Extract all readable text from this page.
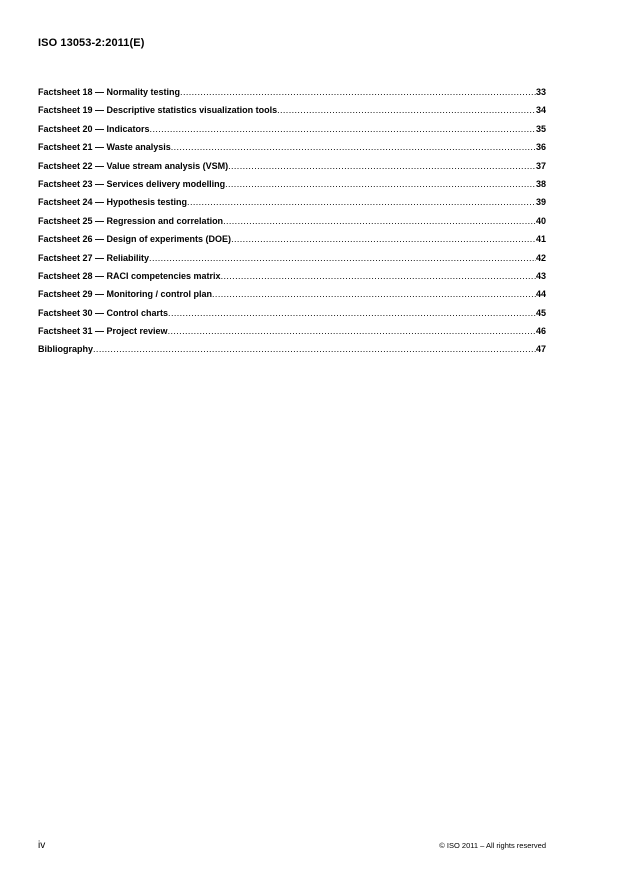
ISO 13053-2:2011(E)
Factsheet 18 — Normality testing .....	33
Factsheet 19 — Descriptive statistics visualization tools .....	34
Factsheet 20 — Indicators .....	35
Factsheet 21 — Waste analysis .....	36
Factsheet 22 — Value stream analysis (VSM) .....	37
Factsheet 23 — Services delivery modelling .....	38
Factsheet 24 — Hypothesis testing .....	39
Factsheet 25 — Regression and correlation .....	40
Factsheet 26 — Design of experiments (DOE) .....	41
Factsheet 27 — Reliability .....	42
Factsheet 28 — RACI competencies matrix .....	43
Factsheet 29 — Monitoring / control plan .....	44
Factsheet 30 — Control charts .....	45
Factsheet 31 — Project review .....	46
Bibliography .....	47
iv	© ISO 2011 – All rights reserved
